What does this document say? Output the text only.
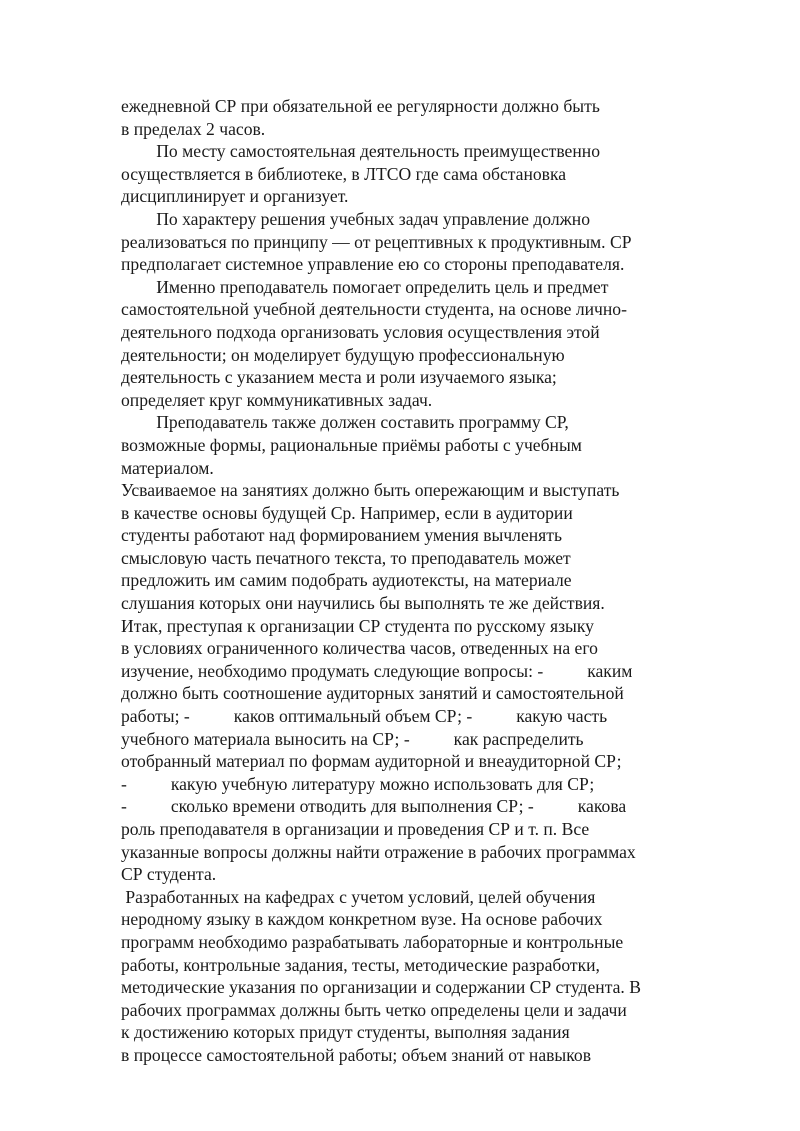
ежедневной СР при обязательной ее регулярности должно быть
в пределах 2 часов.
По месту самостоятельная деятельность преимущественно
осуществляется в библиотеке, в ЛТСО где сама обстановка
дисциплинирует и организует.
По характеру решения учебных задач управление должно
реализоваться по принципу — от рецептивных к продуктивным. СР
предполагает системное управление ею со стороны преподавателя.
Именно преподаватель помогает определить цель и предмет
самостоятельной учебной деятельности студента, на основе лично-
деятельного подхода организовать условия осуществления этой
деятельности; он моделирует будущую профессиональную
деятельность с указанием места и роли изучаемого языка;
определяет круг коммуникативных задач.
Преподаватель также должен составить программу СР,
возможные формы, рациональные приёмы работы с учебным
материалом.
Усваиваемое на занятиях должно быть опережающим и выступать
в качестве основы будущей Ср. Например, если в аудитории
студенты работают над формированием умения вычленять
смысловую часть печатного текста, то преподаватель может
предложить им самим подобрать аудиотексты, на материале
слушания которых они научились бы выполнять те же действия.
Итак, преступая к организации СР студента по русскому языку
в условиях ограниченного количества часов, отведенных на его
изучение, необходимо продумать следующие вопросы: -          каким
должно быть соотношение аудиторных занятий и самостоятельной
работы; -          каков оптимальный объем СР; -          какую часть
учебного материала выносить на СР; -          как распределить
отобранный материал по формам аудиторной и внеаудиторной СР;
-          какую учебную литературу можно использовать для СР;
-          сколько времени отводить для выполнения СР; -          какова
роль преподавателя в организации и проведения СР и т. п. Все
указанные вопросы должны найти отражение в рабочих программах
СР студента.
Разработанных на кафедрах с учетом условий, целей обучения
неродному языку в каждом конкретном вузе. На основе рабочих
программ необходимо разрабатывать лабораторные и контрольные
работы, контрольные задания, тесты, методические разработки,
методические указания по организации и содержании СР студента. В
рабочих программах должны быть четко определены цели и задачи
к достижению которых придут студенты, выполняя задания
в процессе самостоятельной работы; объем знаний от навыков
